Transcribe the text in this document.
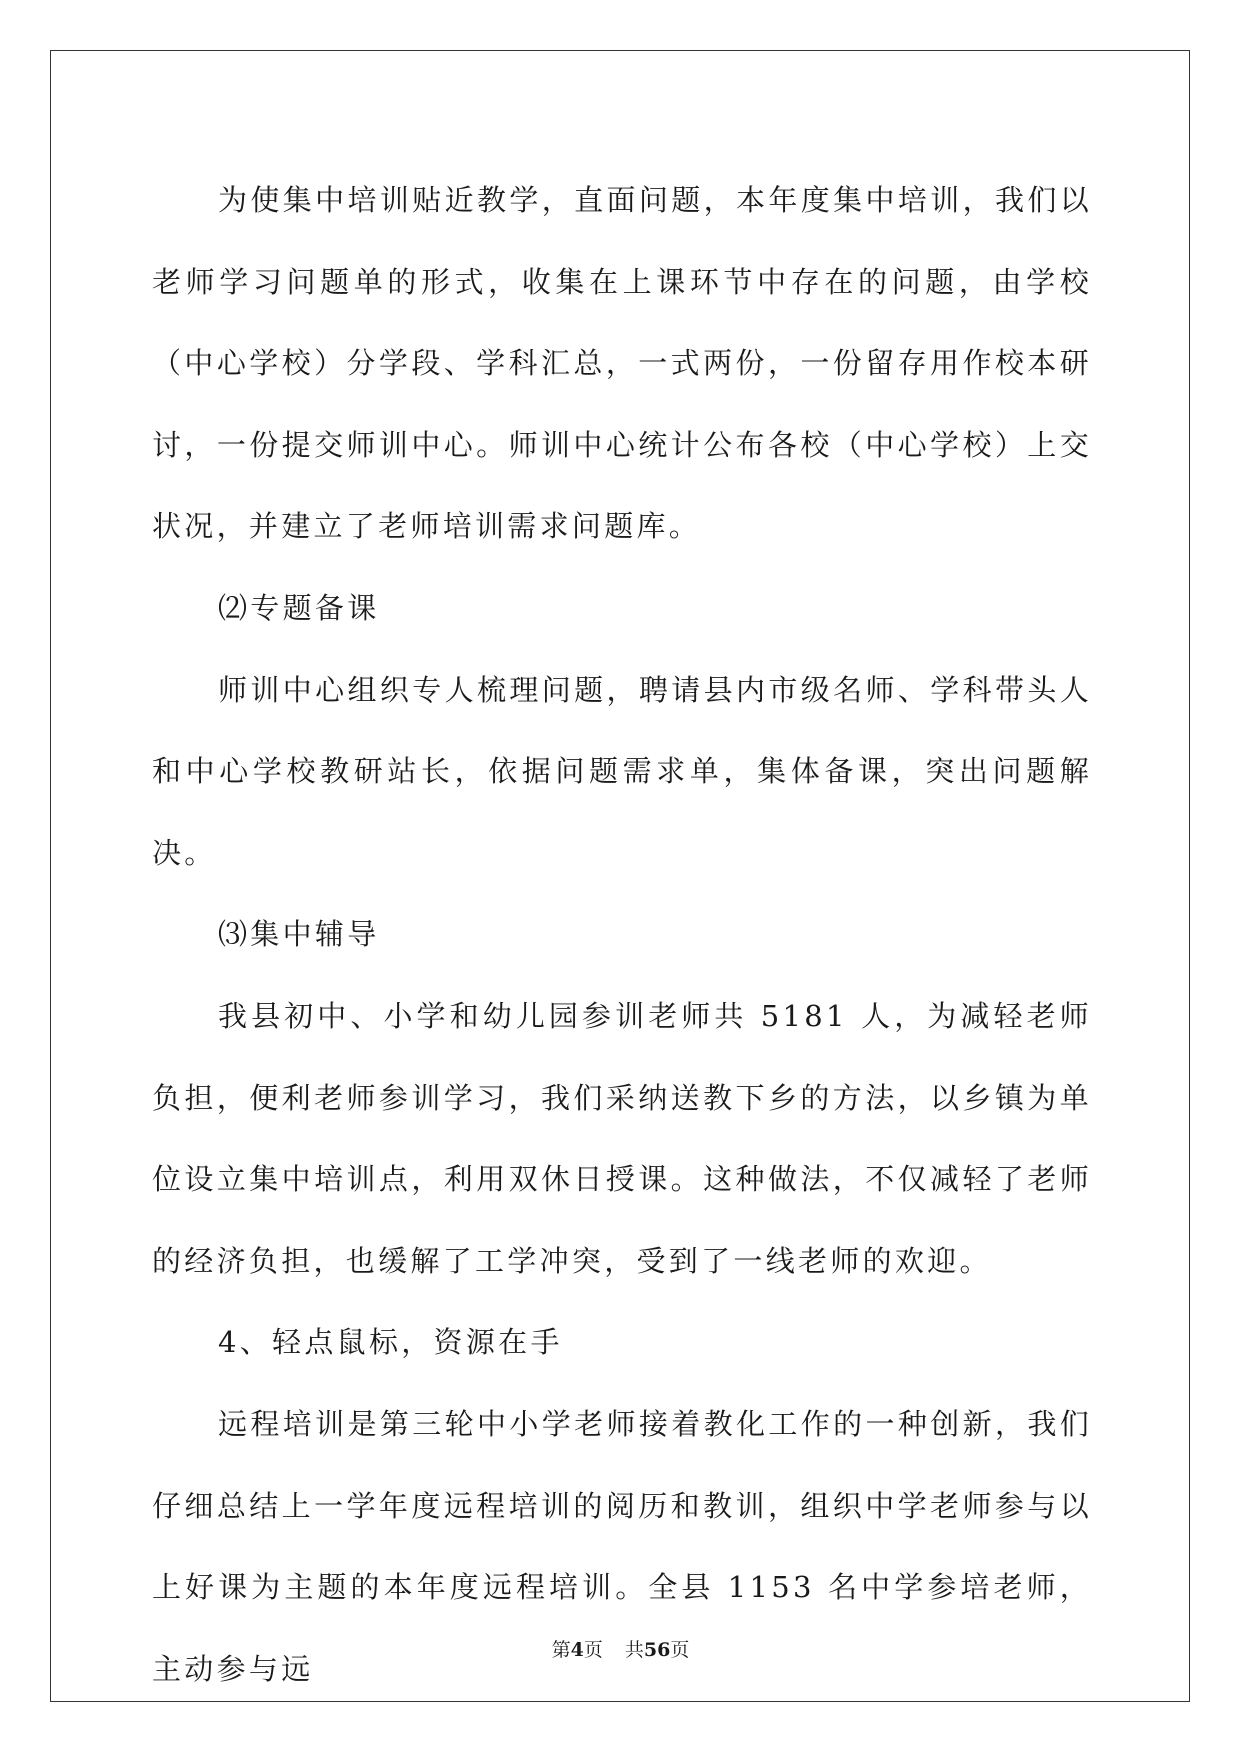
为使集中培训贴近教学，直面问题，本年度集中培训，我们以老师学习问题单的形式，收集在上课环节中存在的问题，由学校（中心学校）分学段、学科汇总，一式两份，一份留存用作校本研讨，一份提交师训中心。师训中心统计公布各校（中心学校）上交状况，并建立了老师培训需求问题库。

⑵专题备课

师训中心组织专人梳理问题，聘请县内市级名师、学科带头人和中心学校教研站长，依据问题需求单，集体备课，突出问题解决。

⑶集中辅导

我县初中、小学和幼儿园参训老师共 5181 人，为减轻老师负担，便利老师参训学习，我们采纳送教下乡的方法，以乡镇为单位设立集中培训点，利用双休日授课。这种做法，不仅减轻了老师的经济负担，也缓解了工学冲突，受到了一线老师的欢迎。

4、轻点鼠标，资源在手

远程培训是第三轮中小学老师接着教化工作的一种创新，我们仔细总结上一学年度远程培训的阅历和教训，组织中学老师参与以上好课为主题的本年度远程培训。全县 1153 名中学参培老师，主动参与远

第4页 共56页
